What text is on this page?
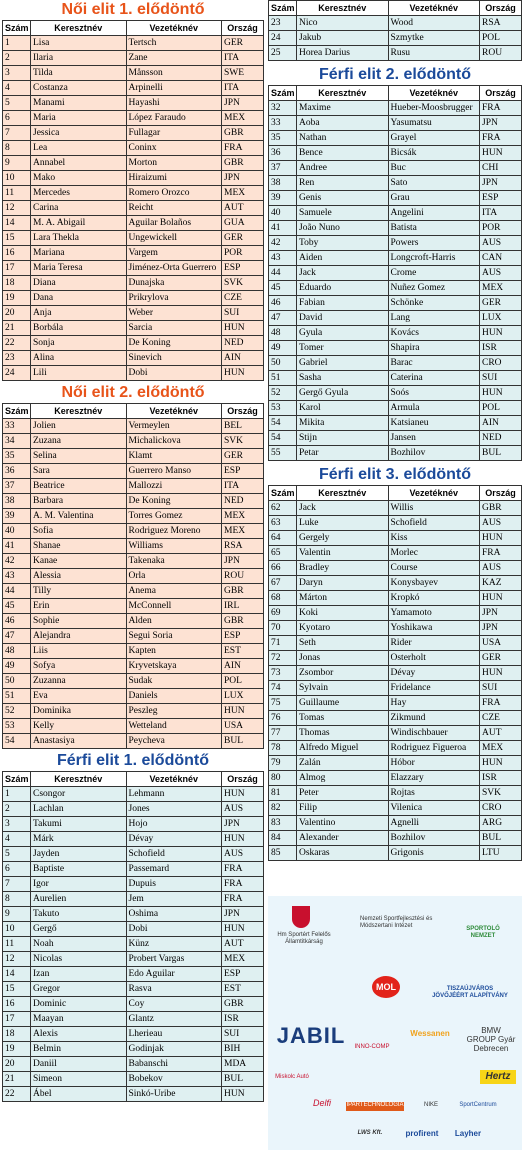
Női elit 1. elődöntő
Szám	Keresztnév	Vezetéknév	Ország
1	Lisa	Tertsch	GER
2	Ilaria	Zane	ITA
3	Tilda	Månsson	SWE
4	Costanza	Arpinelli	ITA
5	Manami	Hayashi	JPN
6	Maria	López Faraudo	MEX
7	Jessica	Fullagar	GBR
8	Lea	Coninx	FRA
9	Annabel	Morton	GBR
10	Mako	Hiraizumi	JPN
11	Mercedes	Romero Orozco	MEX
12	Carina	Reicht	AUT
14	M. A. Abigail	Aguilar Bolaños	GUA
15	Lara Thekla	Ungewickell	GER
16	Mariana	Vargem	POR
17	Maria Teresa	Jiménez-Orta Guerrero	ESP
18	Diana	Dunajska	SVK
19	Dana	Prikrylova	CZE
20	Anja	Weber	SUI
21	Borbála	Sarcia	HUN
22	Sonja	De Koning	NED
23	Alina	Sinevich	AIN
24	Lili	Dobi	HUN
Női elit 2. elődöntő
Szám	Keresztnév	Vezetéknév	Ország
33	Jolien	Vermeylen	BEL
34	Zuzana	Michalickova	SVK
35	Selina	Klamt	GER
36	Sara	Guerrero Manso	ESP
37	Beatrice	Mallozzi	ITA
38	Barbara	De Koning	NED
39	A. M. Valentina	Torres Gomez	MEX
40	Sofia	Rodriguez Moreno	MEX
41	Shanae	Williams	RSA
42	Kanae	Takenaka	JPN
43	Alessia	Orla	ROU
44	Tilly	Anema	GBR
45	Erin	McConnell	IRL
46	Sophie	Alden	GBR
47	Alejandra	Segui Soria	ESP
48	Liis	Kapten	EST
49	Sofya	Kryvetskaya	AIN
50	Zuzanna	Sudak	POL
51	Eva	Daniels	LUX
52	Dominika	Peszleg	HUN
53	Kelly	Wetteland	USA
54	Anastasiya	Peycheva	BUL
Férfi elit 1. elődöntő
Szám	Keresztnév	Vezetéknév	Ország
1	Csongor	Lehmann	HUN
2	Lachlan	Jones	AUS
3	Takumi	Hojo	JPN
4	Márk	Dévay	HUN
5	Jayden	Schofield	AUS
6	Baptiste	Passemard	FRA
7	Igor	Dupuis	FRA
8	Aurelien	Jem	FRA
9	Takuto	Oshima	JPN
10	Gergő	Dobi	HUN
11	Noah	Künz	AUT
12	Nicolas	Probert Vargas	MEX
14	Izan	Edo Aguilar	ESP
15	Gregor	Rasva	EST
16	Dominic	Coy	GBR
17	Maayan	Glantz	ISR
18	Alexis	Lherieau	SUI
19	Belmin	Godinjak	BIH
20	Daniil	Babanschi	MDA
21	Simeon	Bobekov	BUL
22	Ábel	Sinkó-Uribe	HUN
Szám	Keresztnév	Vezetéknév	Ország
23	Nico	Wood	RSA
24	Jakub	Szmytke	POL
25	Horea Darius	Rusu	ROU
Férfi elit 2. elődöntő
Szám	Keresztnév	Vezetéknév	Ország
32	Maxime	Hueber-Moosbrugger	FRA
33	Aoba	Yasumatsu	JPN
35	Nathan	Grayel	FRA
36	Bence	Bicsák	HUN
37	Andree	Buc	CHI
38	Ren	Sato	JPN
39	Genis	Grau	ESP
40	Samuele	Angelini	ITA
41	João Nuno	Batista	POR
42	Toby	Powers	AUS
43	Aiden	Longcroft-Harris	CAN
44	Jack	Crome	AUS
45	Eduardo	Nuñez Gomez	MEX
46	Fabian	Schönke	GER
47	David	Lang	LUX
48	Gyula	Kovács	HUN
49	Tomer	Shapira	ISR
50	Gabriel	Barac	CRO
51	Sasha	Caterina	SUI
52	Gergő Gyula	Soós	HUN
53	Karol	Armula	POL
54	Mikita	Katsianeu	AIN
54	Stijn	Jansen	NED
55	Petar	Bozhilov	BUL
Férfi elit 3. elődöntő
Szám	Keresztnév	Vezetéknév	Ország
62	Jack	Willis	GBR
63	Luke	Schofield	AUS
64	Gergely	Kiss	HUN
65	Valentin	Morlec	FRA
66	Bradley	Course	AUS
67	Daryn	Konysbayev	KAZ
68	Márton	Kropkó	HUN
69	Koki	Yamamoto	JPN
70	Kyotaro	Yoshikawa	JPN
71	Seth	Rider	USA
72	Jonas	Osterholt	GER
73	Zsombor	Dévay	HUN
74	Sylvain	Fridelance	SUI
75	Guillaume	Hay	FRA
76	Tomas	Zikmund	CZE
77	Thomas	Windischbauer	AUT
78	Alfredo Miguel	Rodriguez Figueroa	MEX
79	Zalán	Hóbor	HUN
80	Almog	Elazzary	ISR
81	Peter	Rojtas	SVK
82	Filip	Vilenica	CRO
83	Valentino	Agnelli	ARG
84	Alexander	Bozhilov	BUL
85	Oskaras	Grigonis	LTU
Hm Sportért Felelős Államtitkárság
Nemzeti Sportfejlesztési és Módszertani Intézet	SPORTOLÓ NEMZET
MOL	TISZAÚJVÁROS JÖVŐJÉÉRT ALAPÍTVÁNY
JABIL	INNO-COMP
Wessanen	BMW GROUP Gyár Debrecen
Miskolc Autó	Hertz
Delfi	IPARTECHNOLÓGIA	NIKE	SportCentrum
LWS Kft.	profirent	Layher
